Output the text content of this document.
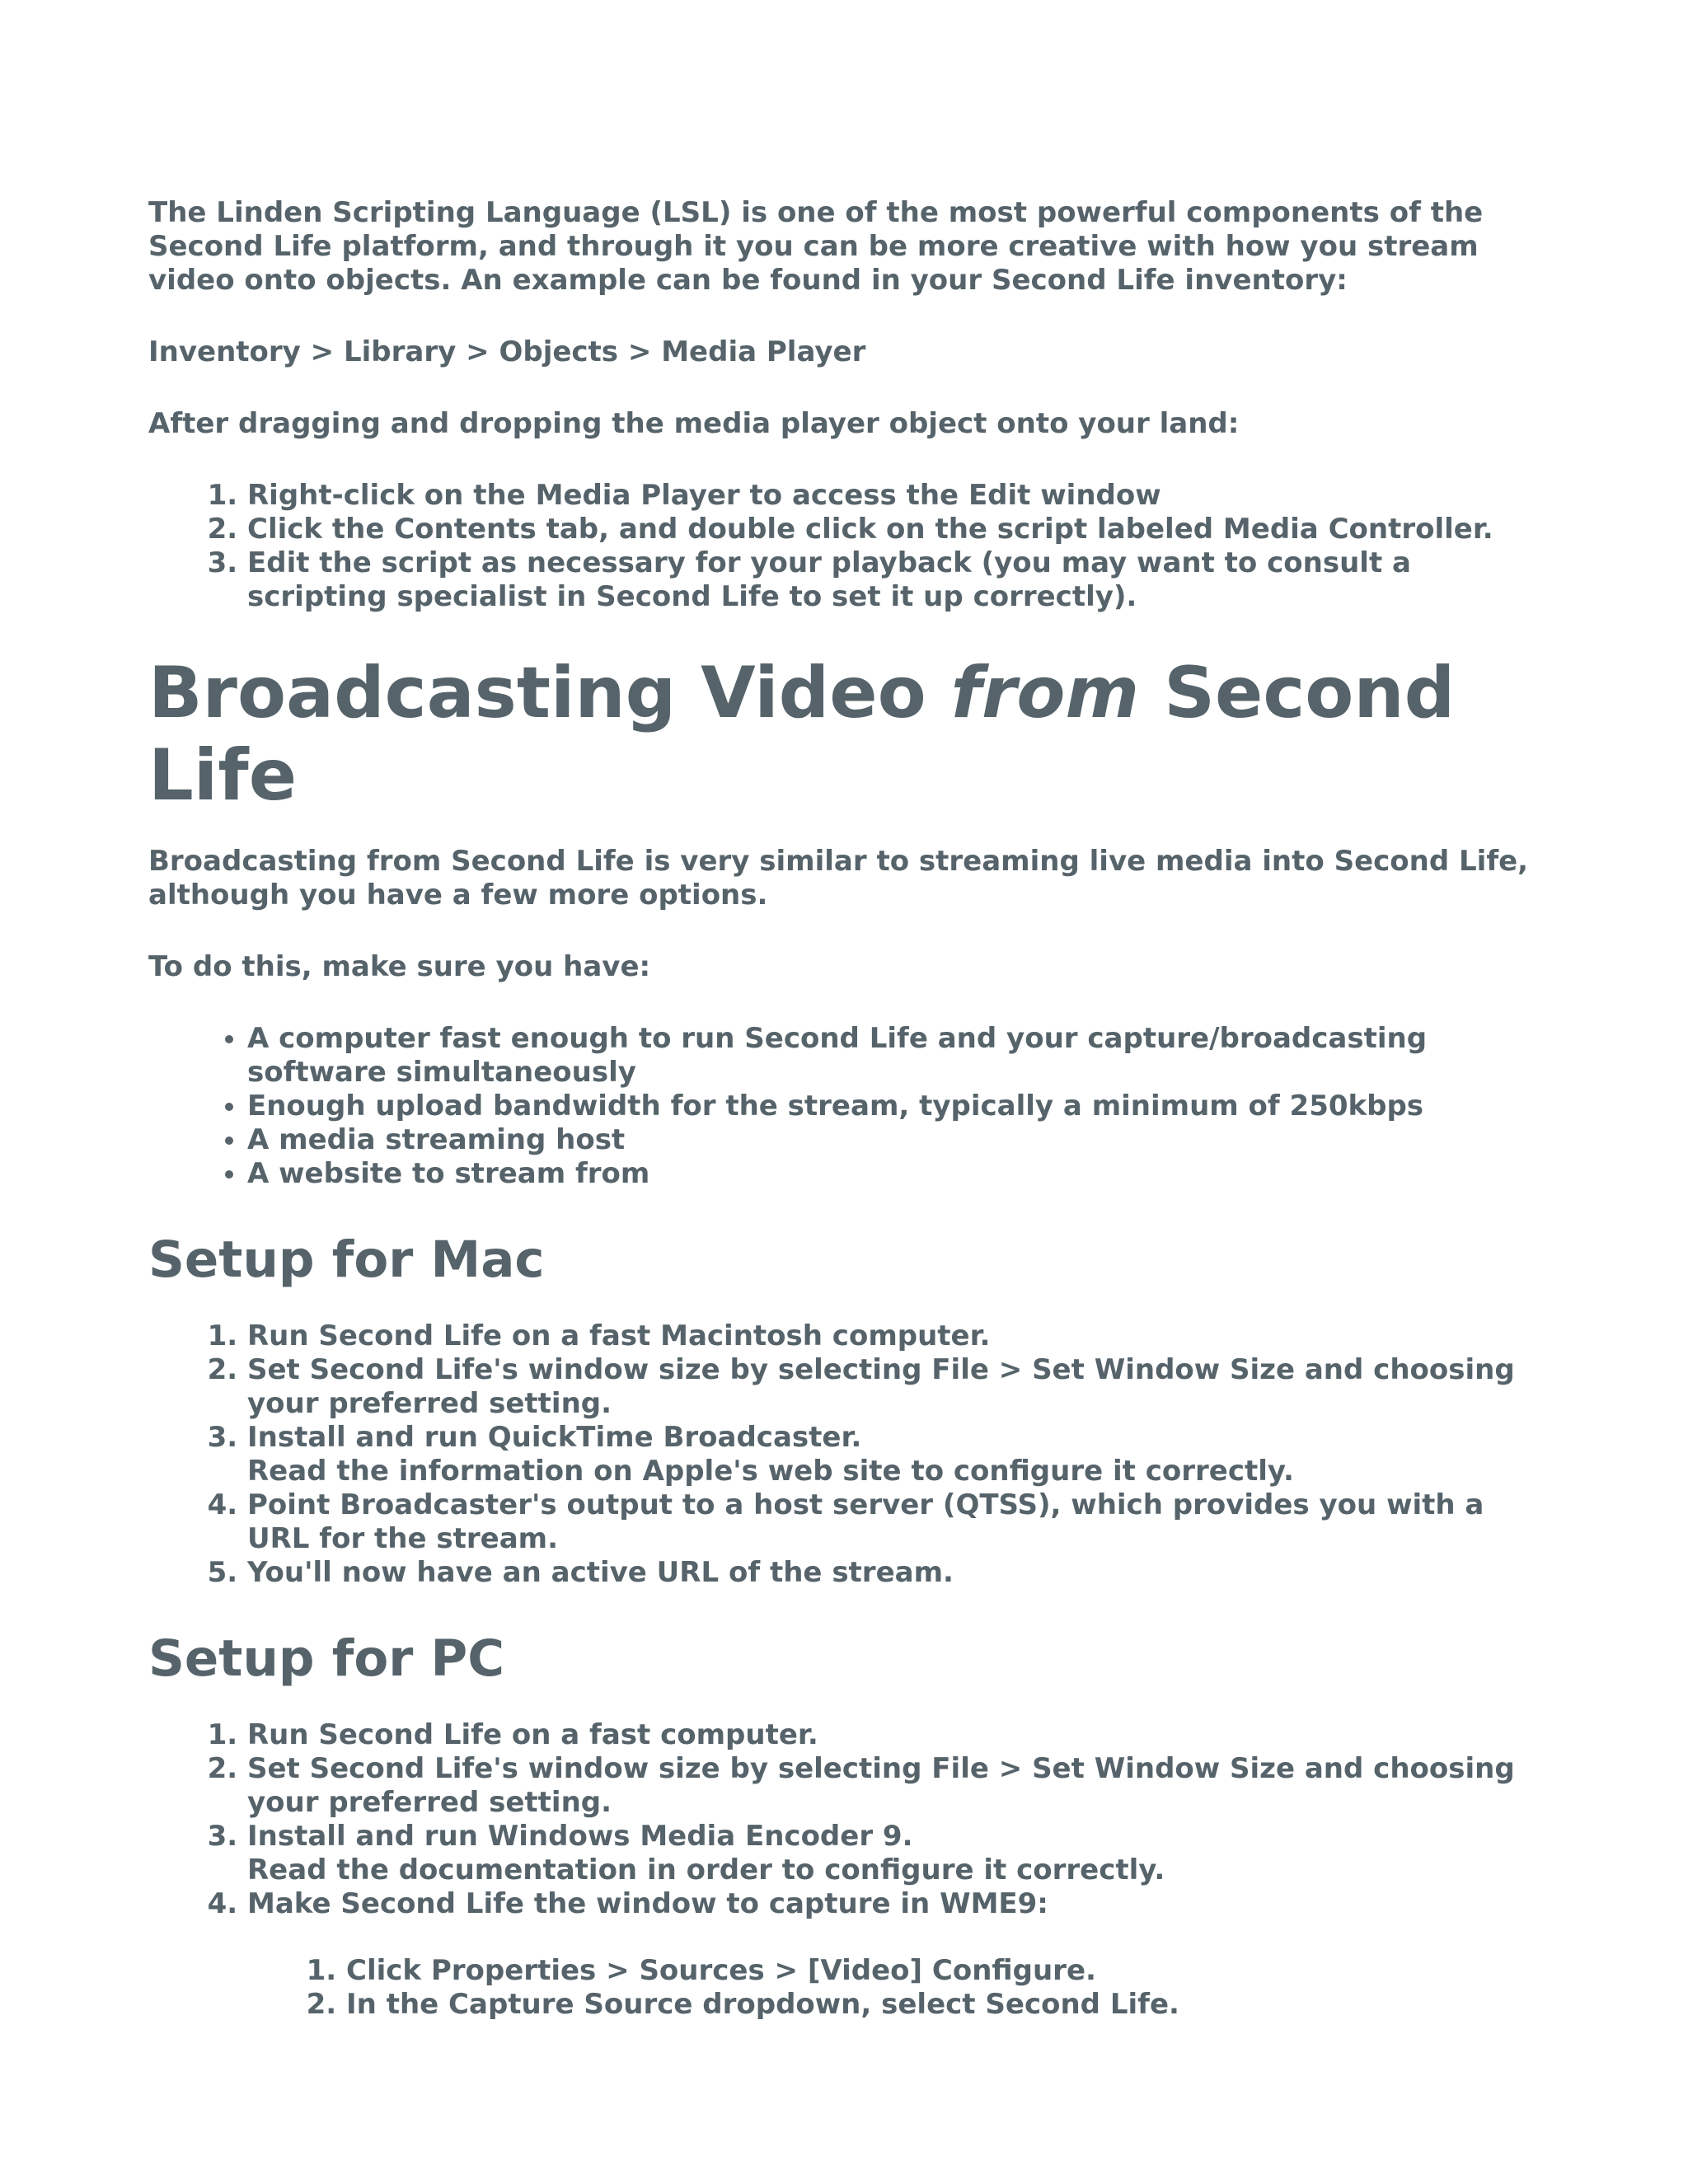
The Linden Scripting Language (LSL) is one of the most powerful components of the Second Life platform, and through it you can be more creative with how you stream video onto objects. An example can be found in your Second Life inventory:

Inventory > Library > Objects > Media Player

After dragging and dropping the media player object onto your land:

1. Right-click on the Media Player to access the Edit window
2. Click the Contents tab, and double click on the script labeled Media Controller.
3. Edit the script as necessary for your playback (you may want to consult a scripting specialist in Second Life to set it up correctly).
Broadcasting Video from Second Life

Broadcasting from Second Life is very similar to streaming live media into Second Life, although you have a few more options.

To do this, make sure you have:

• A computer fast enough to run Second Life and your capture/broadcasting software simultaneously
• Enough upload bandwidth for the stream, typically a minimum of 250kbps
• A media streaming host
• A website to stream from
Setup for Mac
1. Run Second Life on a fast Macintosh computer.
2. Set Second Life's window size by selecting File > Set Window Size and choosing your preferred setting.
3. Install and run QuickTime Broadcaster.
Read the information on Apple's web site to configure it correctly.
4. Point Broadcaster's output to a host server (QTSS), which provides you with a URL for the stream.
5. You'll now have an active URL of the stream.
Setup for PC
1. Run Second Life on a fast computer.
2. Set Second Life's window size by selecting File > Set Window Size and choosing your preferred setting.
3. Install and run Windows Media Encoder 9.
Read the documentation in order to configure it correctly.
4. Make Second Life the window to capture in WME9:
1. Click Properties > Sources > [Video] Configure.
2. In the Capture Source dropdown, select Second Life.
